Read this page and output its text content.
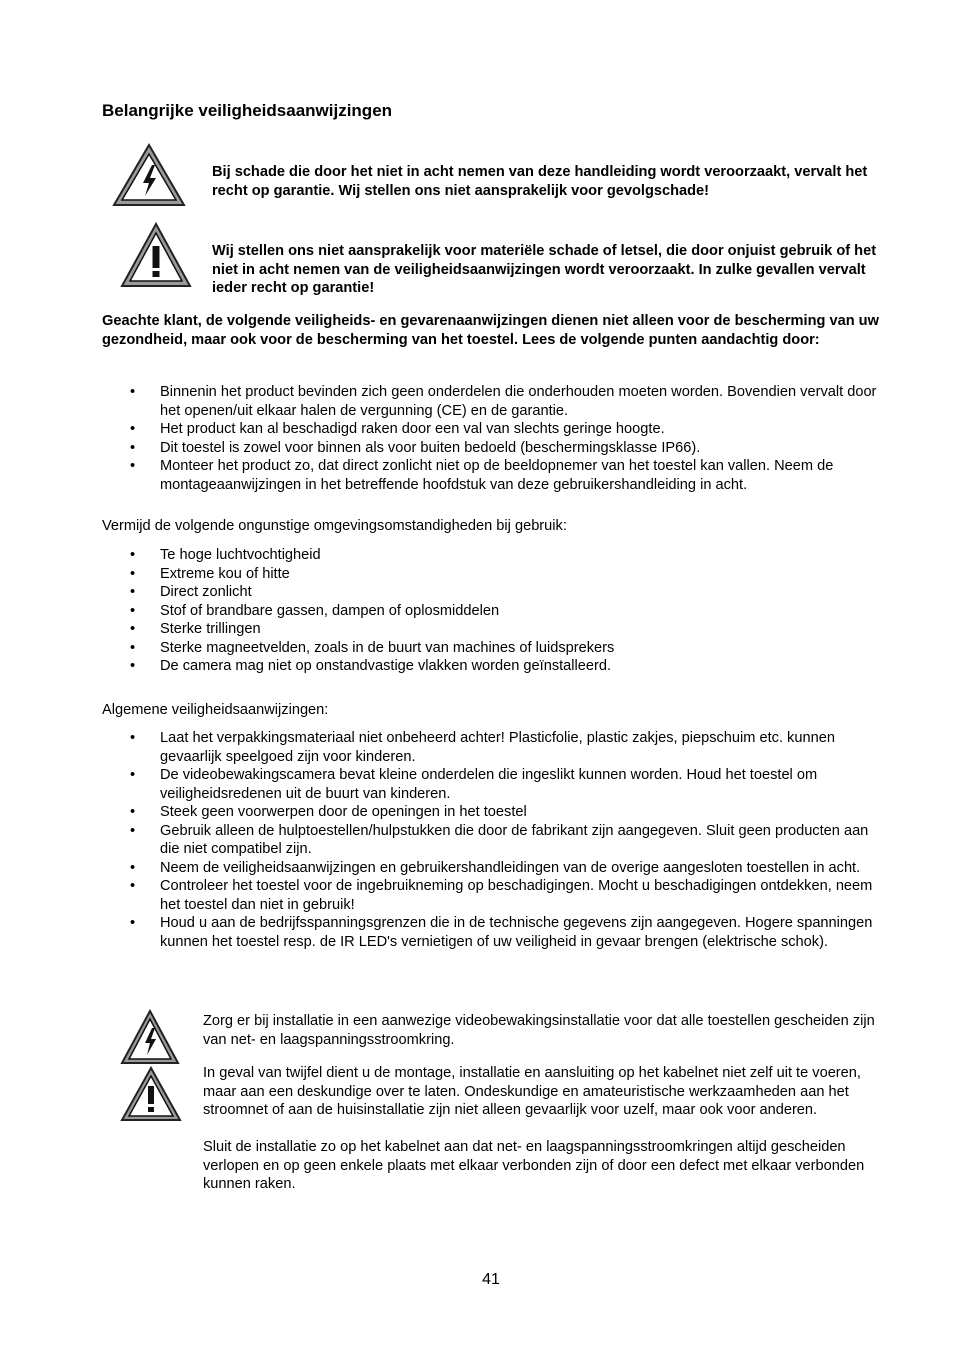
Belangrijke veiligheidsaanwijzingen
Bij schade die door het niet in acht nemen van deze handleiding wordt veroorzaakt, vervalt het recht op garantie. Wij stellen ons niet aansprakelijk voor gevolgschade!
Wij stellen ons niet aansprakelijk voor materiële schade of letsel, die door onjuist gebruik of het niet in acht nemen van de veiligheidsaanwijzingen wordt veroorzaakt. In zulke gevallen vervalt ieder recht op garantie!
Geachte klant, de volgende veiligheids- en gevarenaanwijzingen dienen niet alleen voor de bescherming van uw gezondheid, maar ook voor de bescherming van het toestel. Lees de volgende punten aandachtig door:
• Binnenin het product bevinden zich geen onderdelen die onderhouden moeten worden. Bovendien vervalt door het openen/uit elkaar halen de vergunning (CE) en de garantie.
• Het product kan al beschadigd raken door een val van slechts geringe hoogte.
• Dit toestel is zowel voor binnen als voor buiten bedoeld (beschermingsklasse IP66).
• Monteer het product zo, dat direct zonlicht niet op de beeldopnemer van het toestel kan vallen. Neem de montageaanwijzingen in het betreffende hoofdstuk van deze gebruikershandleiding in acht.
Vermijd de volgende ongunstige omgevingsomstandigheden bij gebruik:
• Te hoge luchtvochtigheid
• Extreme kou of hitte
• Direct zonlicht
• Stof of brandbare gassen, dampen of oplosmiddelen
• Sterke trillingen
• Sterke magneetvelden, zoals in de buurt van machines of luidsprekers
• De camera mag niet op onstandvastige vlakken worden geïnstalleerd.
Algemene veiligheidsaanwijzingen:
• Laat het verpakkingsmateriaal niet onbeheerd achter! Plasticfolie, plastic zakjes, piepschuim etc. kunnen gevaarlijk speelgoed zijn voor kinderen.
• De videobewakingscamera bevat kleine onderdelen die ingeslikt kunnen worden. Houd het toestel om veiligheidsredenen uit de buurt van kinderen.
• Steek geen voorwerpen door de openingen in het toestel
• Gebruik alleen de hulptoestellen/hulpstukken die door de fabrikant zijn aangegeven. Sluit geen producten aan die niet compatibel zijn.
• Neem de veiligheidsaanwijzingen en gebruikershandleidingen van de overige aangesloten toestellen in acht.
• Controleer het toestel voor de ingebruikneming op beschadigingen. Mocht u beschadigingen ontdekken, neem het toestel dan niet in gebruik!
• Houd u aan de bedrijfsspanningsgrenzen die in de technische gegevens zijn aangegeven. Hogere spanningen kunnen het toestel resp. de IR LED's vernietigen of uw veiligheid in gevaar brengen (elektrische schok).
Zorg er bij installatie in een aanwezige videobewakingsinstallatie voor dat alle toestellen gescheiden zijn van net- en laagspanningsstroomkring.
In geval van twijfel dient u de montage, installatie en aansluiting op het kabelnet niet zelf uit te voeren, maar aan een deskundige over te laten. Ondeskundige en amateuristische werkzaamheden aan het stroomnet of aan de huisinstallatie zijn niet alleen gevaarlijk voor uzelf, maar ook voor anderen.
Sluit de installatie zo op het kabelnet aan dat net- en laagspanningsstroomkringen altijd gescheiden verlopen en op geen enkele plaats met elkaar verbonden zijn of door een defect met elkaar verbonden kunnen raken.
41
